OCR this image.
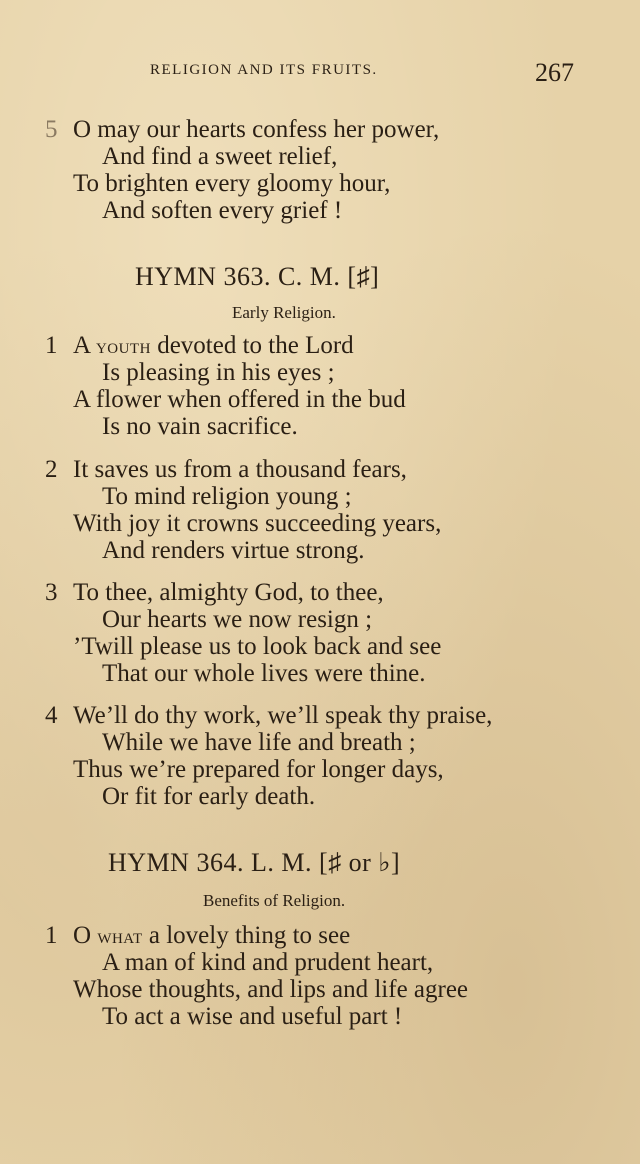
RELIGION AND ITS FRUITS.	267
5 O may our hearts confess her power,
And find a sweet relief,
To brighten every gloomy hour,
And soften every grief !
HYMN 363. C. M. [♯]
Early Religion.
1 A youth devoted to the Lord
Is pleasing in his eyes ;
A flower when offered in the bud
Is no vain sacrifice.
2 It saves us from a thousand fears,
To mind religion young ;
With joy it crowns succeeding years,
And renders virtue strong.
3 To thee, almighty God, to thee,
Our hearts we now resign ;
’Twill please us to look back and see
That our whole lives were thine.
4 We’ll do thy work, we’ll speak thy praise,
While we have life and breath ;
Thus we’re prepared for longer days,
Or fit for early death.
HYMN 364. L. M. [♯ or ♭]
Benefits of Religion.
1 O what a lovely thing to see
A man of kind and prudent heart,
Whose thoughts, and lips and life agree
To act a wise and useful part !
